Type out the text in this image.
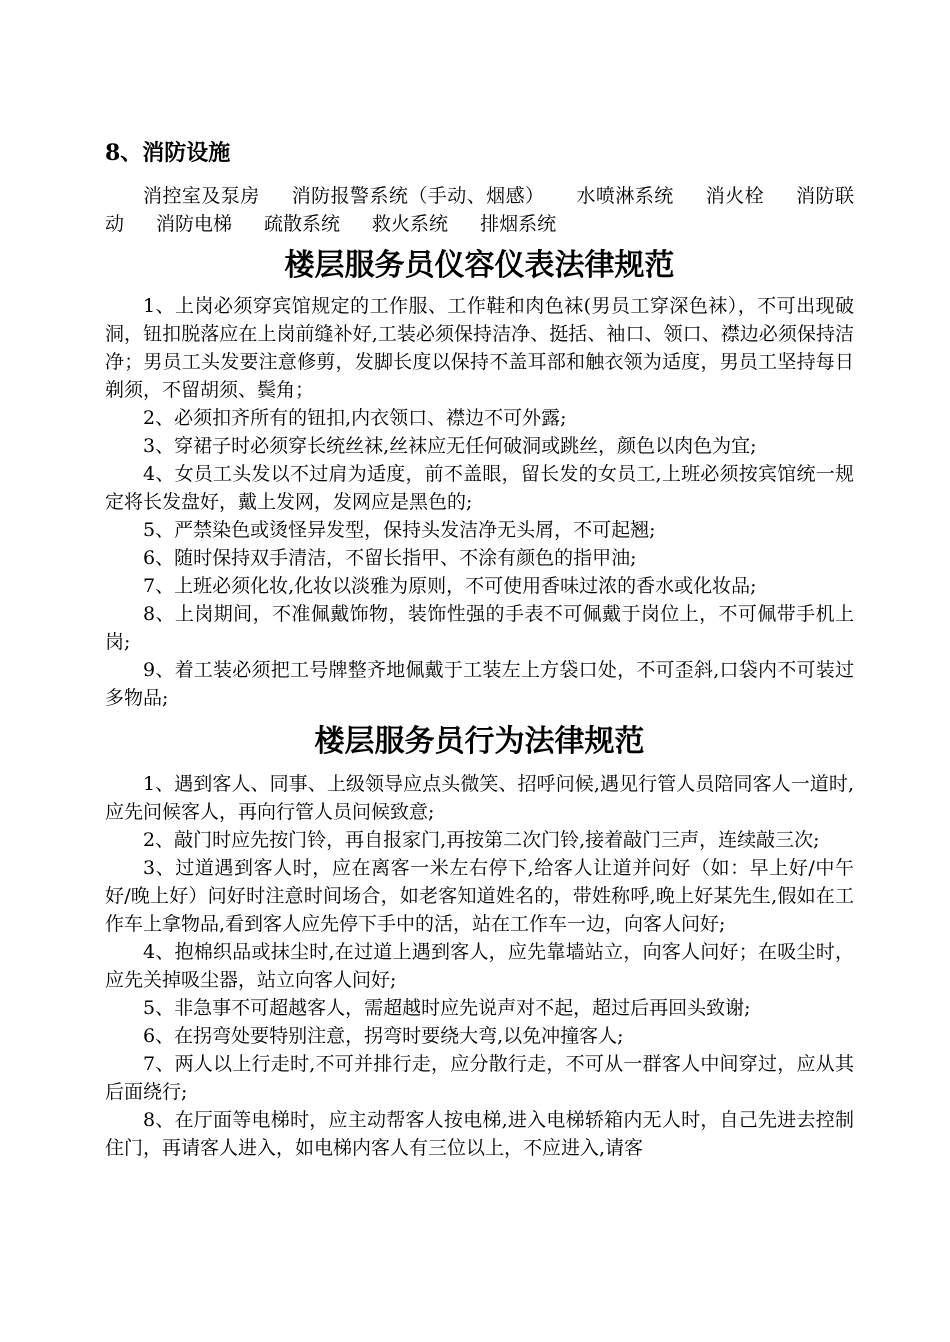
8、消防设施
消控室及泵房 消防报警系统（手动、烟感） 水喷淋系统 消火栓 消防联动 消防电梯 疏散系统 救火系统 排烟系统
楼层服务员仪容仪表法律规范

1、上岗必须穿宾馆规定的工作服、工作鞋和肉色袜(男员工穿深色袜），不可出现破洞，钮扣脱落应在上岗前缝补好,工装必须保持洁净、挺括、袖口、领口、襟边必须保持洁净；男员工头发要注意修剪，发脚长度以保持不盖耳部和触衣领为适度，男员工坚持每日剃须，不留胡须、鬓角；

2、必须扣齐所有的钮扣,内衣领口、襟边不可外露;

3、穿裙子时必须穿长统丝袜,丝袜应无任何破洞或跳丝，颜色以肉色为宜;

4、女员工头发以不过肩为适度，前不盖眼，留长发的女员工,上班必须按宾馆统一规定将长发盘好，戴上发网，发网应是黑色的;

5、严禁染色或烫怪异发型，保持头发洁净无头屑，不可起翘;

6、随时保持双手清洁，不留长指甲、不涂有颜色的指甲油;

7、上班必须化妆,化妆以淡雅为原则，不可使用香味过浓的香水或化妆品;

8、上岗期间，不准佩戴饰物，装饰性强的手表不可佩戴于岗位上，不可佩带手机上岗;

9、着工装必须把工号牌整齐地佩戴于工装左上方袋口处，不可歪斜,口袋内不可装过多物品;

楼层服务员行为法律规范

1、遇到客人、同事、上级领导应点头微笑、招呼问候,遇见行管人员陪同客人一道时,应先问候客人，再向行管人员问候致意;

2、敲门时应先按门铃，再自报家门,再按第二次门铃,接着敲门三声，连续敲三次;

3、过道遇到客人时，应在离客一米左右停下,给客人让道并问好（如：早上好/中午好/晚上好）问好时注意时间场合，如老客知道姓名的，带姓称呼,晚上好某先生,假如在工作车上拿物品,看到客人应先停下手中的活，站在工作车一边，向客人问好;

4、抱棉织品或抹尘时,在过道上遇到客人，应先靠墙站立，向客人问好；在吸尘时，应先关掉吸尘器，站立向客人问好;

5、非急事不可超越客人，需超越时应先说声对不起，超过后再回头致谢;

6、在拐弯处要特别注意，拐弯时要绕大弯,以免冲撞客人;

7、两人以上行走时,不可并排行走，应分散行走，不可从一群客人中间穿过，应从其后面绕行;

8、在厅面等电梯时，应主动帮客人按电梯,进入电梯轿箱内无人时，自己先进去控制住门，再请客人进入，如电梯内客人有三位以上，不应进入,请客
